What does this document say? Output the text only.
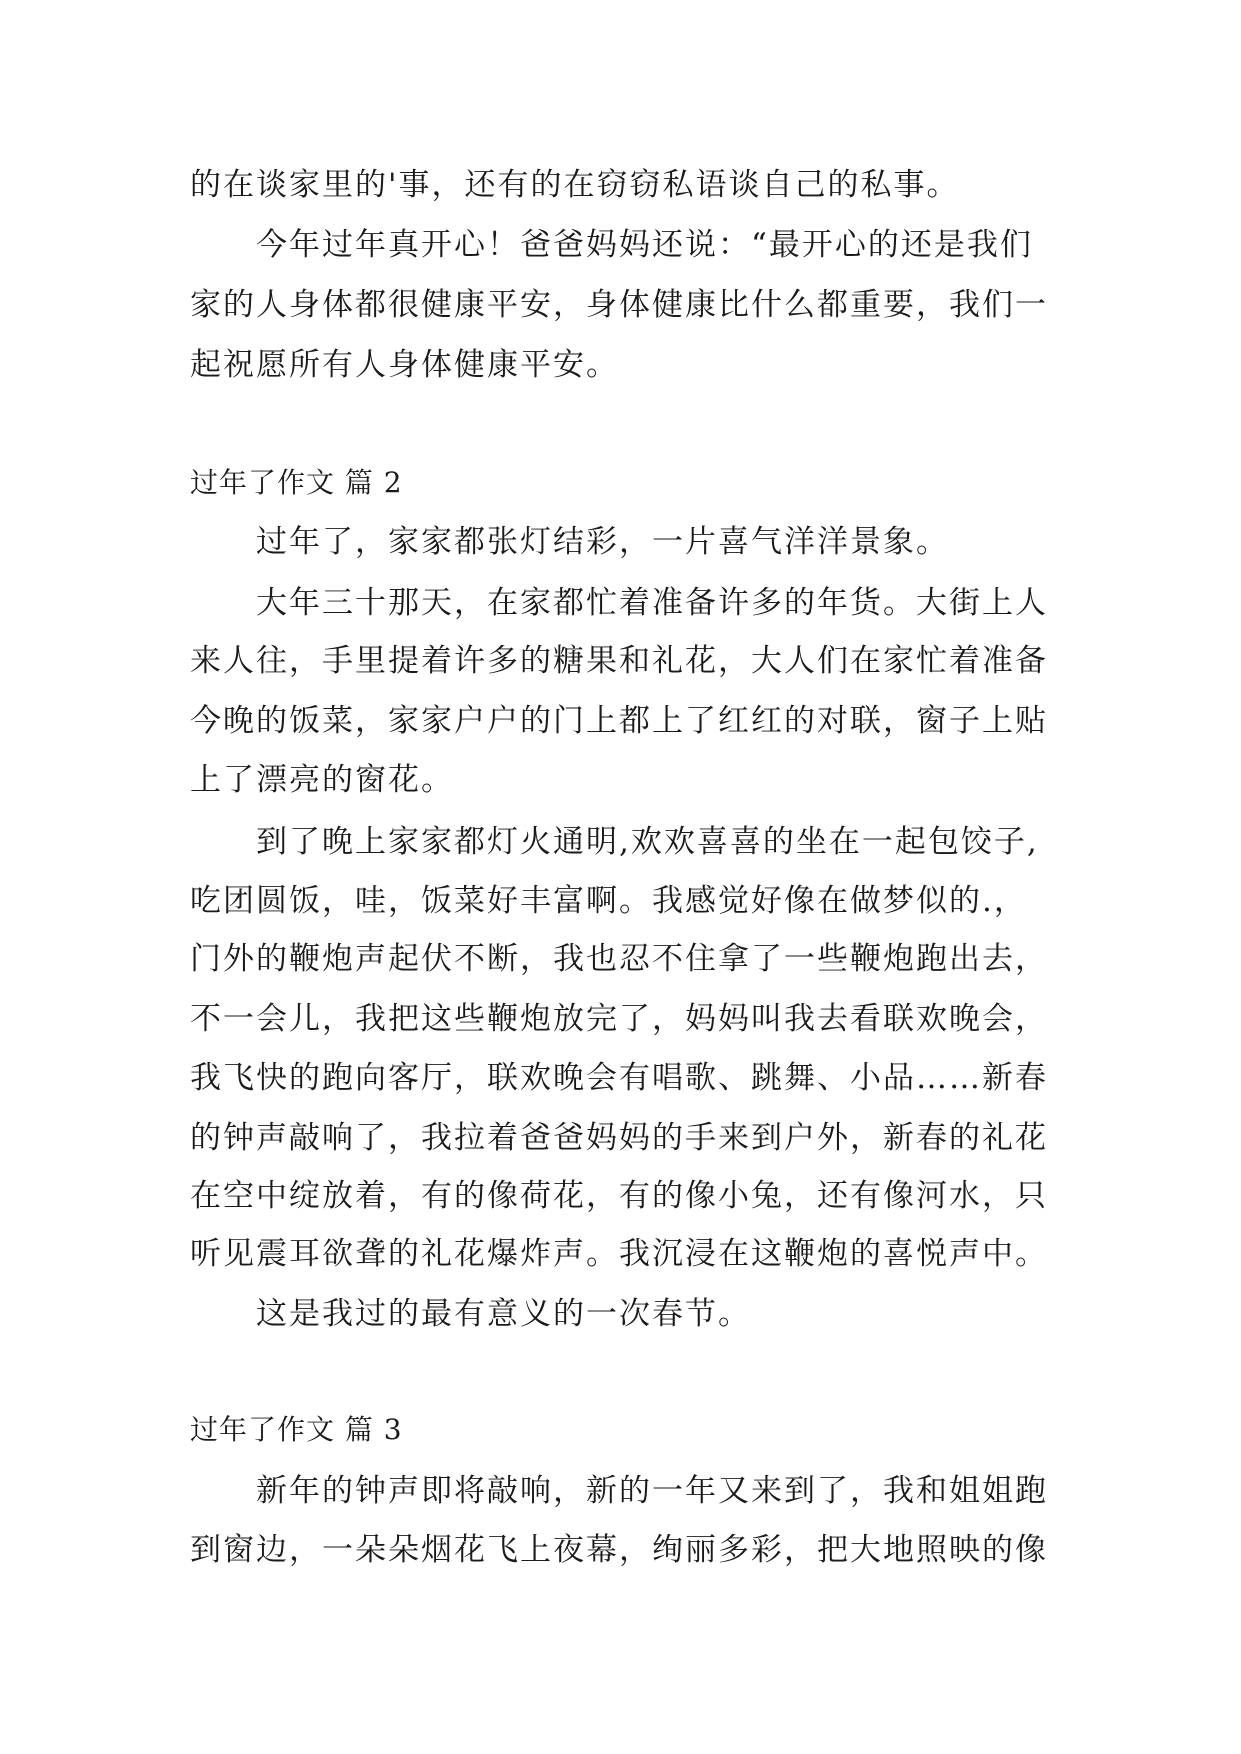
的在谈家里的'事，还有的在窃窃私语谈自己的私事。
今年过年真开心！爸爸妈妈还说：“最开心的还是我们
家的人身体都很健康平安，身体健康比什么都重要，我们一
起祝愿所有人身体健康平安。
过年了作文 篇 2
过年了，家家都张灯结彩，一片喜气洋洋景象。
大年三十那天，在家都忙着准备许多的年货。大街上人
来人往，手里提着许多的糖果和礼花，大人们在家忙着准备
今晚的饭菜，家家户户的门上都上了红红的对联，窗子上贴
上了漂亮的窗花。
到了晚上家家都灯火通明,欢欢喜喜的坐在一起包饺子,
吃团圆饭，哇，饭菜好丰富啊。我感觉好像在做梦似的.，
门外的鞭炮声起伏不断，我也忍不住拿了一些鞭炮跑出去，
不一会儿，我把这些鞭炮放完了，妈妈叫我去看联欢晚会，
我飞快的跑向客厅，联欢晚会有唱歌、跳舞、小品……新春
的钟声敲响了，我拉着爸爸妈妈的手来到户外，新春的礼花
在空中绽放着，有的像荷花，有的像小兔，还有像河水，只
听见震耳欲聋的礼花爆炸声。我沉浸在这鞭炮的喜悦声中。
这是我过的最有意义的一次春节。
过年了作文 篇 3
新年的钟声即将敲响，新的一年又来到了，我和姐姐跑
到窗边，一朵朵烟花飞上夜幕，绚丽多彩，把大地照映的像
